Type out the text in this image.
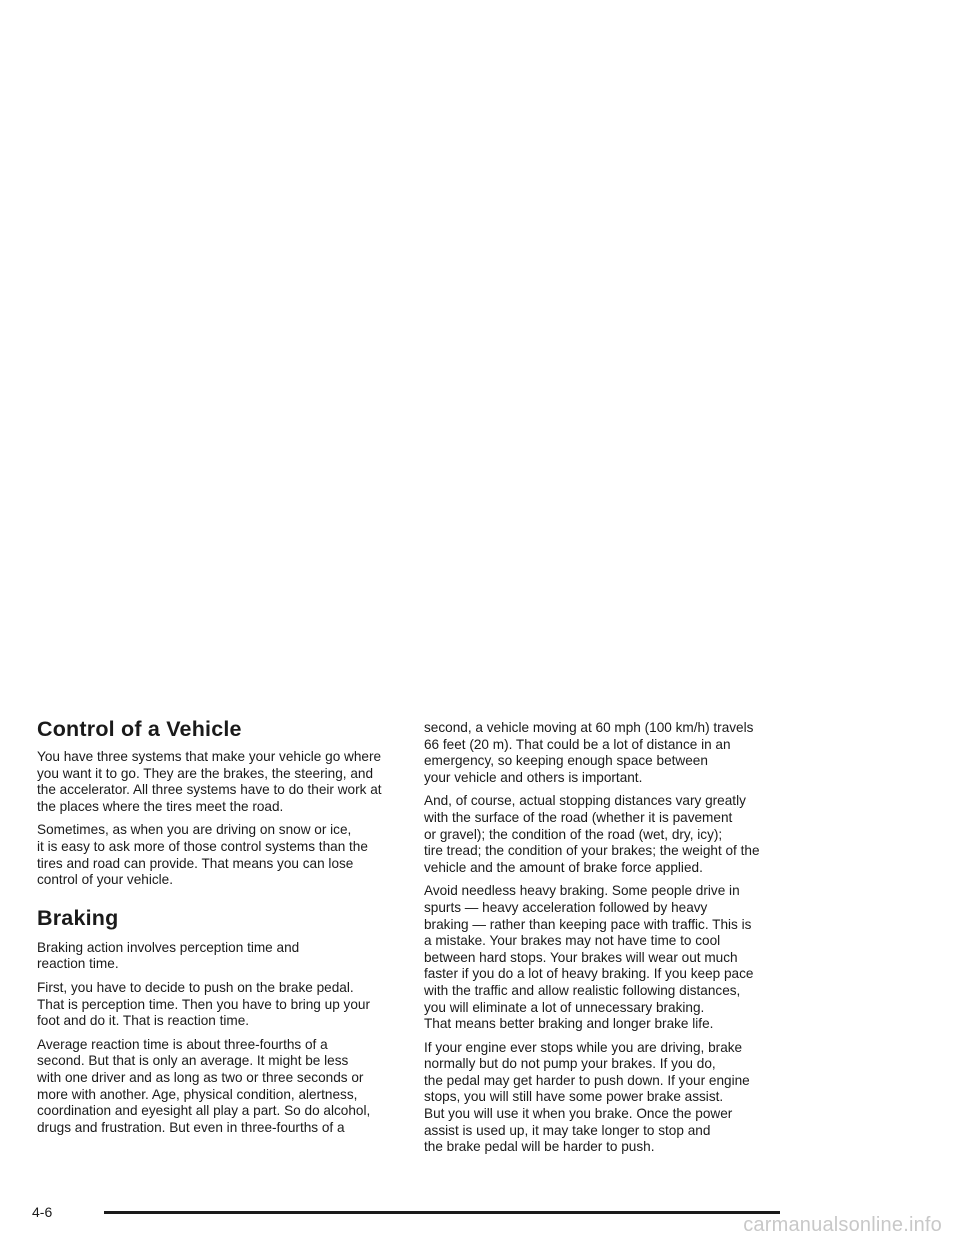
Control of a Vehicle

You have three systems that make your vehicle go where
you want it to go. They are the brakes, the steering, and
the accelerator. All three systems have to do their work at
the places where the tires meet the road.

Sometimes, as when you are driving on snow or ice,
it is easy to ask more of those control systems than the
tires and road can provide. That means you can lose
control of your vehicle.

Braking

Braking action involves perception time and
reaction time.

First, you have to decide to push on the brake pedal.
That is perception time. Then you have to bring up your
foot and do it. That is reaction time.

Average reaction time is about three-fourths of a
second. But that is only an average. It might be less
with one driver and as long as two or three seconds or
more with another. Age, physical condition, alertness,
coordination and eyesight all play a part. So do alcohol,
drugs and frustration. But even in three-fourths of a

second, a vehicle moving at 60 mph (100 km/h) travels
66 feet (20 m). That could be a lot of distance in an
emergency, so keeping enough space between
your vehicle and others is important.

And, of course, actual stopping distances vary greatly
with the surface of the road (whether it is pavement
or gravel); the condition of the road (wet, dry, icy);
tire tread; the condition of your brakes; the weight of the
vehicle and the amount of brake force applied.

Avoid needless heavy braking. Some people drive in
spurts — heavy acceleration followed by heavy
braking — rather than keeping pace with traffic. This is
a mistake. Your brakes may not have time to cool
between hard stops. Your brakes will wear out much
faster if you do a lot of heavy braking. If you keep pace
with the traffic and allow realistic following distances,
you will eliminate a lot of unnecessary braking.
That means better braking and longer brake life.

If your engine ever stops while you are driving, brake
normally but do not pump your brakes. If you do,
the pedal may get harder to push down. If your engine
stops, you will still have some power brake assist.
But you will use it when you brake. Once the power
assist is used up, it may take longer to stop and
the brake pedal will be harder to push.

4-6
carmanualsonline.info
